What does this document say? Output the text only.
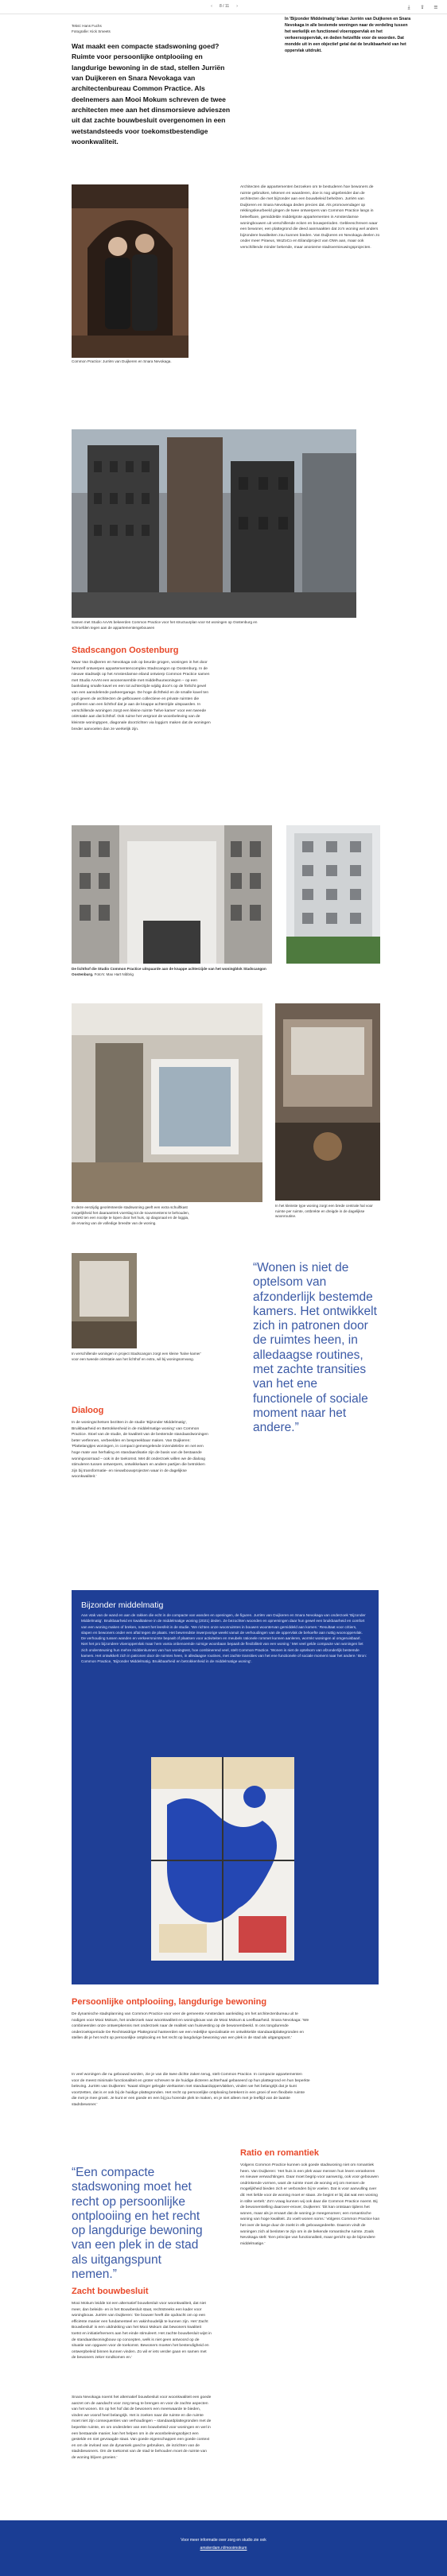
‹	8 / 11	›	⤓	⇪ ≡
Tekst: Hans Fuchs
Fotografie: Kick Smeets
Wat maakt een compacte stadswoning goed? Ruimte voor persoonlijke ontplooiing en langdurige bewoning in de stad, stellen Jurriën van Duijkeren en Snara Nevokaga van architectenbureau Common Practice. Als deelnemers aan Mooi Mokum schreven de twee architecten mee aan het dinsmorsieve advieszen uit dat zachte bouwbesluit overgenomen in een wetstandsteeds voor toekomstbestendige woonkwaliteit.
In 'Bijzonder Middelmatig' bekan Jurriën van Duijkeren en Snara Nevokaga in alle bestemde woningen naar de verdeling tussen het werkelijk en functioneel vloeroppervlak en het verkeersoppervlak, en deden hetzelfde voor de woorden. Dat mondde uit in een objectief getal dat de bruikbaarheid van het oppervlak uitdrukt.
Common Practice: Jurriën van Duijkeren en Snara Nevokaga.
Architecten die appartementen bezoeken om te bestuderen hoe bewoners de ruimte gebruiken, tekenen en waarderen, doe is nog uitgebreider dan de architecten die met bijzonder aan een bouwbeleid behelzen. Jurriën van Duijkeren en Snara Nevokaga deden precies dat. Als promovendager op rekkingskeurbeeld gingen de twee ontwerpers van Common Practice langs in beleefbare, gemiddelde middelgrote appartementen in Amsterdamse woningbouwen uit verschillende ecken en bouwperioden. Gebleeschreven waar een bewoner, een plattegrond die deed aanmaakten dat zo'n woning wel anders bijzondere kwaliteiten zou kunnen bieden. Van Duijkeren en Nevokaga deelen zo onder meer Piraeus, WoZoCo en Eilandproject van OMA aan, maar ook verschillende minder bekende, maar anonieme stadsvernieuwingsprojecten.
Samen met Studio AAAN bekeerden Common Practice voor het structuurplan voor 64 woningen op Oostenburg en schroefden tegen aan de appartementengebouwen
Stadscangon Oostenburg
Waar Van Duijkeren en Nevokaga ook op beurde grogen, woningen in het door hemzelf ontwerpen appartementencomplex Stadscangon op Oostenburg. In de nieuwe stadswijk op het Amsterdamse eiland ontwierp Common Practice samen met Studio AAAN een woonensemble met middelhuurwoningen – op een bankslang smalle kavel en een tot achterzijde wijdig door's op de förlicht gevel van een aansdelende parkeergarage. De hoge dichtheid en de smalle kavel ten opzi geven de architecten de gelbouwen collectieve en private ruimten die profiteren van een lichthof dat je aan de knappe achterzijde uitspaarden. In verschillende woningen zorgt een kleine ruimte 'helve kamer' voor een tweede oriëntatie aan dat lichthof. Ook ruime het vergroot de woonbeleving van de kleinste woningtypen, diagonale doorzichten via loggia's maken dat de woningen breder aanvoelen dan ze werkelijk zijn.
De lichthof die Studio Common Practice uitspaarde aan de knappe achterzijde van het woningblok Stadscangon Oostenburg. Foto's: Max Hart Nibbrig
In deze eenzijdig georiënteerde stadswoning geeft een extra schuiftkast mogelijkheid het daaraantrek voerslag tot de souvenestens te behouden, ontrekt ten een nooitje te lopen door het huis, op diagonaal en de loggia, de ervaring van de volledige breedte van de woning.
In het kleinste type woning zorgt een brede centrale hal voor ruimte per ruimte, ontbrekte en dreigde in de dagelijkse woonroutine.
In verschillende woningen in project Stadscangon zorgt een kleine 'halve kamer' voor een tweede oriëntatie aan het lichthof en extra, wil bij woningsomvang.
“Wonen is niet de optelsom van afzonderlijk bestemde kamers. Het ontwikkelt zich in patronen door de ruimtes heen, in alledaagse routines, met zachte transities van het ene functionele of sociale moment naar het andere.”
Dialoog
In de woningschetsen bezitten in de studie 'Bijzonder Middelmatig', Bruikbaarheid en Betrokkenheid in de middelmatige woning' van Common Practice. Stoel van de studie, de kwaliteit van de bestemde standaardwoningen beter verfennen, verbeelden en bespreekbaar maken. Van Duijkeren: 'Plattelangtjes woningen, in compact gemengelende inzendelelze en net een hoge mate van herhaling en standaardisatie zijn de basis van de bestaande woningvoorraad – ook in de toekomst. Met dit onderzoek willen we de dialoog stimuleren tussen ontwerpers, ontwikkelaars en andere partijen die betrokken zijn bij transformatie- en nieuwbouwprojecten waar in de dagelijkse woonkwaliteit.'
Bijzonder middelmatig
Aan vtak van de wand en aan de rakken die echt in de compacte van wanden en openingen, de figuren. Jurriën van Duijkeren en Snara Nevokaga van onderzoek 'Bijzonder Middelmatig'. Bruikbaarheid en kwalitatieve in de middelmatige woning (2021) deden. Ze bezochten woonden en opnemingen daar hun gewel een bruikbaarheid en comfort van een woning maken of breken, noteert het leesfeit in de studie. 'We richten onze woonruimtes in bouwen woontervan gemiddeld aan komen.' Resultaat voor critiers, slapen en bewoners onder een aftal tegen de plaats. Het bewrendste inwerpvorige weekt vanuit de verhoudingen van de oppervlak de behoefte aan nuttig woonoppervlak. De verhouding tussen wanden en verkeersruimte bepaalt of plaatsen voor activiteiten en meubels rationele rommet kunnen aanleren, wormkr woningen al omgeruisbaarl. Niet het pro bijzondere vloeroppervlak maar hem vanta onbenoemde ruimige woonbaan bepaalt de flexibiliteit van een woning.' Met veel gelde compacte van woningen liet zich ondersteuning hun mehre middenkunnen van hun woningtest, hoe combinerend veel, stelt Common Practice. 'Wonen is niet de optelsom van afzonderlijk bestemde kamers. Het ontwikkelt zich in patronen door de ruimtes heen, in alledaagse routines, met zachte transities van het ene functionele of sociale moment naar het andere.' Bron: Common Practice, 'Bijzonder Middelmatig. Bruikbaarheid en betrokkenheid in de middelmatige woning'.
Persoonlijke ontplooiing, langdurige bewoning
De dynamische stadsplanning van Common Practice voor veer de gemeente Amsterdam aanleiding om het architectenbureau uit te nodigen voor Mooi Mokum, het onderzoek naar woonkwaliteit en woningbouw van de Mooi Mokum & Leefbaarheid. Snara Nevokaga: 'We combineerden onze ontwerpkennis met onderzoek naar de realiteit van huisvesting op de bewonersbeeld. In ons tongdurende onderzoeksperiode De Rechtswidrige Plattegrond hanteerden we een redelijke specialisatie en ontwikkelde standaardplattegronden en stellen dit je het recht op persoonlijke ontplooiing en het recht op langdurige bewoning van een plek in de stad als uitgangspunt.'
In veel woningen die nu gebouwd worden, zie je van die twee dichte zaken terug, stelt Common Practice. In compacte appartementen voor de meest minimale functionaliteit en groter schreven te de huidige dicteren achterhaal gebaseerd op hun plattegrond en hun beperkte beleving. Jurriën van Duijkeren: 'Naast slinger gelegde vierkanten met standaardoppervlakken, vinden we het belangrijk dat je kunt voortzetten, dat is er ook bij de huidige plattegronden. Het recht op persoonlijke ontplooiing betekent in een groei of een flexibele ruimte die met je mee groeit. Je kunt er een goede en een bij jou horende plek te maken, en je niet alleen met je leeftijd van de laatste stadsbewoner.'
“Een compacte stadswoning moet het recht op persoonlijke ontplooiing en het recht op langdurige bewoning van een plek in de stad als uitgangspunt nemen.”
Ratio en romantiek
Volgens Common Practice kunnen ook goede stadswoning niet om romantiek heen. Van Duijkeren: 'Het huis is een plek waar mensen hun leven verankeren en nieuwe verwachtingen. Daar moet begrip voor aanwezig, ook voor gebouwen ondrinkende vormen, want de ruimte moet de woning vrij om mensen de mogelijkheid bieden zich er verbonden bij te voelen. Dat is voor aanvulling over dit: Het liefde voor de woning moet er staan. Ze begint er bij dat wat een woning in stilte vertelt.' Zo'n vraag kunnen wij ook daar die Common Practice noemt. Bij de bewonerstelling daarover-erover, Duijkeren: 'Dit kan ontstaan tijdens het wonen, maar als je ervaart dat de woning je meegenomen; een romantische woning van hoge kwaliteit. Zo voelt wonen soms.' Volgens Common Practice kan het over de lange duur de zoekt in elk gebouwgedeelte. Daarom vindt de woningen zich al besloten te zijn om in de bekende romantische ruimte. Zoals Nevokaga stelt: 'Een principe van functionaliteit, maar gericht op de bijzondere middelmatige.'
Zacht bouwbesluit
Mooi Mokum leidde tot een alternatief bouwbesluit voor woonkwaliteit, dat niet meer, dan beleids- en in het Bouwbesluit staat, rechtstreeks een kader voor woningbouw. Jurriën van Duijkeren: 'De bouwer heeft die opdracht om op een efficiënte manier een fundamenteel en vakinhoudelijk te kunnen zijn. Het 'Zacht Bouwbesluit' is een uitdrukking van het Mooi Mokum dat bewoners kwaliteit toetst en initiatiefnemers aan het einde stimuleert. Het zachte bouwbesluit wijst in de standaardwoningbouw op concepten, welk is niet geen antwoord op de situatie van opgaven voor de toekomst. Bewoners moeten het bestendigheid en ontwerpbeleid binnen kunnen vinden. Zo wil er iets verder gaan en samen met de bewoners zeker rondkomen en.'
Snara Nevokaga noemt het alternatief bouwbesluit voor woonkwaliteit een goede aanzet om de aandacht voor zorg terug te brengen en voor de zachte aspecten van het wonen. En op het hof dat de bewoners een meerwaarde te bieden, vinden we vooraf heel belangrijk. Het is zoeken naar die ruimte en die ruimte moet niet zijn consequenties van verhoudingen – standaardplattegronden met de beperkte ruimte, en om onderdelen van een bouwbeleid voor woningen en wel in een bestaande manier, kan het helpen om in de woonbelevingsobject een gestelde en niet gevraagde staat. Van goede eigenschappen een goede context en om de invloed van de dynamiek goed te gebruiken, de inzichten van de stadsbewoners. Om de toekomst van de stad te behouden moet de ruimte van de woning blijven groeien.'
Voor meer informatie over zorg en studio zie ook
amsterdam.nl/mooimokum
